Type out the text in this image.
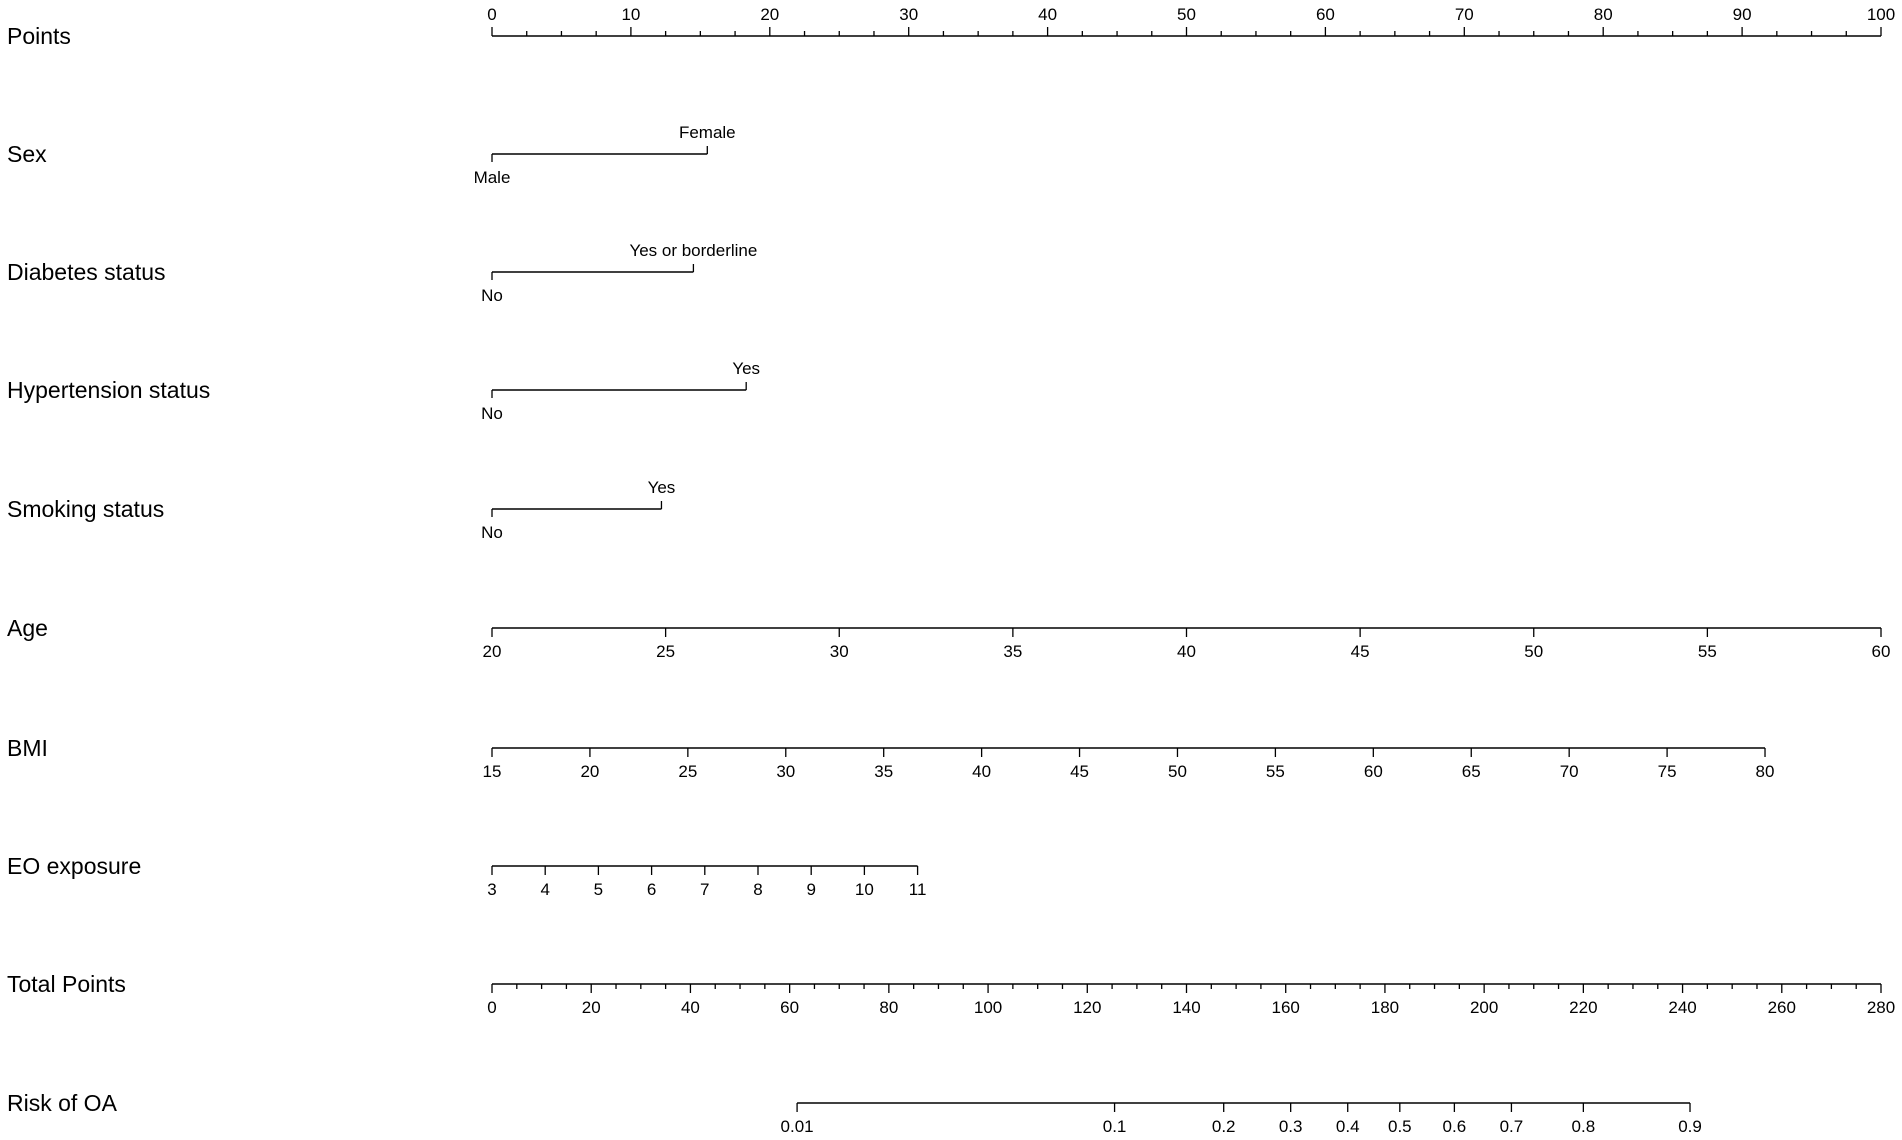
Points
0	10	20	30	40	50	60	70	80	90	100
Sex
Male
Female
Diabetes status
No
Yes or borderline
Hypertension status
No
Yes
Smoking status
No
Yes
Age
20	25	30	35	40	45	50	55	60
BMI
15	20	25	30	35	40	45	50	55	60	65	70	75	80
EO exposure
3	4	5	6	7	8	9 10 11
Total Points
0	20	40	60	80	100	120	140	160	180	200	220	240	260	280
Risk of OA
0.01	0.1	0.2	0.3 0.4 0.5 0.6 0.7	0.8	0.9
